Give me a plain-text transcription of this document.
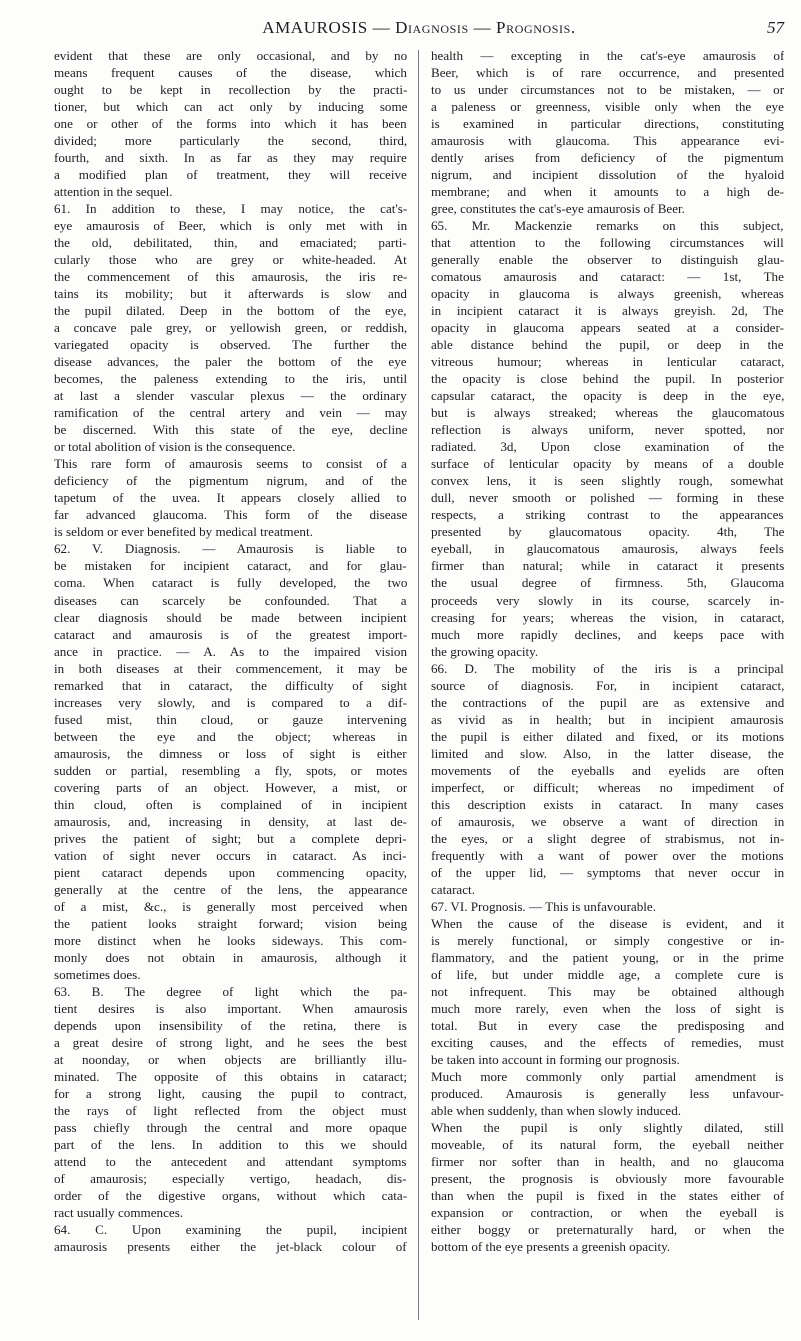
AMAUROSIS — Diagnosis — Prognosis.	57
evident that these are only occasional, and by no
means frequent causes of the disease, which
ought to be kept in recollection by the practi-
tioner, but which can act only by inducing some
one or other of the forms into which it has been
divided; more particularly the second, third,
fourth, and sixth. In as far as they may require
a modified plan of treatment, they will receive
attention in the sequel.
61. In addition to these, I may notice, the cat's-
eye amaurosis of Beer, which is only met with in
the old, debilitated, thin, and emaciated; parti-
cularly those who are grey or white-headed. At
the commencement of this amaurosis, the iris re-
tains its mobility; but it afterwards is slow and
the pupil dilated. Deep in the bottom of the eye,
a concave pale grey, or yellowish green, or reddish,
variegated opacity is observed. The further the
disease advances, the paler the bottom of the eye
becomes, the paleness extending to the iris, until
at last a slender vascular plexus — the ordinary
ramification of the central artery and vein — may
be discerned. With this state of the eye, decline
or total abolition of vision is the consequence.
This rare form of amaurosis seems to consist of a
deficiency of the pigmentum nigrum, and of the
tapetum of the uvea. It appears closely allied to
far advanced glaucoma. This form of the disease
is seldom or ever benefited by medical treatment.
62. V. Diagnosis. — Amaurosis is liable to
be mistaken for incipient cataract, and for glau-
coma. When cataract is fully developed, the two
diseases can scarcely be confounded. That a
clear diagnosis should be made between incipient
cataract and amaurosis is of the greatest import-
ance in practice. — A. As to the impaired vision
in both diseases at their commencement, it may be
remarked that in cataract, the difficulty of sight
increases very slowly, and is compared to a dif-
fused mist, thin cloud, or gauze intervening
between the eye and the object; whereas in
amaurosis, the dimness or loss of sight is either
sudden or partial, resembling a fly, spots, or motes
covering parts of an object. However, a mist, or
thin cloud, often is complained of in incipient
amaurosis, and, increasing in density, at last de-
prives the patient of sight; but a complete depri-
vation of sight never occurs in cataract. As inci-
pient cataract depends upon commencing opacity,
generally at the centre of the lens, the appearance
of a mist, &c., is generally most perceived when
the patient looks straight forward; vision being
more distinct when he looks sideways. This com-
monly does not obtain in amaurosis, although it
sometimes does.
63. B. The degree of light which the pa-
tient desires is also important. When amaurosis
depends upon insensibility of the retina, there is
a great desire of strong light, and he sees the best
at noonday, or when objects are brilliantly illu-
minated. The opposite of this obtains in cataract;
for a strong light, causing the pupil to contract,
the rays of light reflected from the object must
pass chiefly through the central and more opaque
part of the lens. In addition to this we should
attend to the antecedent and attendant symptoms
of amaurosis; especially vertigo, headach, dis-
order of the digestive organs, without which cata-
ract usually commences.
64. C. Upon examining the pupil, incipient
amaurosis presents either the jet-black colour of
health — excepting in the cat's-eye amaurosis of
Beer, which is of rare occurrence, and presented
to us under circumstances not to be mistaken, — or
a paleness or greenness, visible only when the eye
is examined in particular directions, constituting
amaurosis with glaucoma. This appearance evi-
dently arises from deficiency of the pigmentum
nigrum, and incipient dissolution of the hyaloid
membrane; and when it amounts to a high de-
gree, constitutes the cat's-eye amaurosis of Beer.
65. Mr. Mackenzie remarks on this subject,
that attention to the following circumstances will
generally enable the observer to distinguish glau-
comatous amaurosis and cataract: — 1st, The
opacity in glaucoma is always greenish, whereas
in incipient cataract it is always greyish. 2d, The
opacity in glaucoma appears seated at a consider-
able distance behind the pupil, or deep in the
vitreous humour; whereas in lenticular cataract,
the opacity is close behind the pupil. In posterior
capsular cataract, the opacity is deep in the eye,
but is always streaked; whereas the glaucomatous
reflection is always uniform, never spotted, nor
radiated. 3d, Upon close examination of the
surface of lenticular opacity by means of a double
convex lens, it is seen slightly rough, somewhat
dull, never smooth or polished — forming in these
respects, a striking contrast to the appearances
presented by glaucomatous opacity. 4th, The
eyeball, in glaucomatous amaurosis, always feels
firmer than natural; while in cataract it presents
the usual degree of firmness. 5th, Glaucoma
proceeds very slowly in its course, scarcely in-
creasing for years; whereas the vision, in cataract,
much more rapidly declines, and keeps pace with
the growing opacity.
66. D. The mobility of the iris is a principal
source of diagnosis. For, in incipient cataract,
the contractions of the pupil are as extensive and
as vivid as in health; but in incipient amaurosis
the pupil is either dilated and fixed, or its motions
limited and slow. Also, in the latter disease, the
movements of the eyeballs and eyelids are often
imperfect, or difficult; whereas no impediment of
this description exists in cataract. In many cases
of amaurosis, we observe a want of direction in
the eyes, or a slight degree of strabismus, not in-
frequently with a want of power over the motions
of the upper lid, — symptoms that never occur in
cataract.
67. VI. Prognosis. — This is unfavourable.
When the cause of the disease is evident, and it
is merely functional, or simply congestive or in-
flammatory, and the patient young, or in the prime
of life, but under middle age, a complete cure is
not infrequent. This may be obtained although
much more rarely, even when the loss of sight is
total. But in every case the predisposing and
exciting causes, and the effects of remedies, must
be taken into account in forming our prognosis.
Much more commonly only partial amendment is
produced. Amaurosis is generally less unfavour-
able when suddenly, than when slowly induced.
When the pupil is only slightly dilated, still
moveable, of its natural form, the eyeball neither
firmer nor softer than in health, and no glaucoma
present, the prognosis is obviously more favourable
than when the pupil is fixed in the states either of
expansion or contraction, or when the eyeball is
either boggy or preternaturally hard, or when the
bottom of the eye presents a greenish opacity.
